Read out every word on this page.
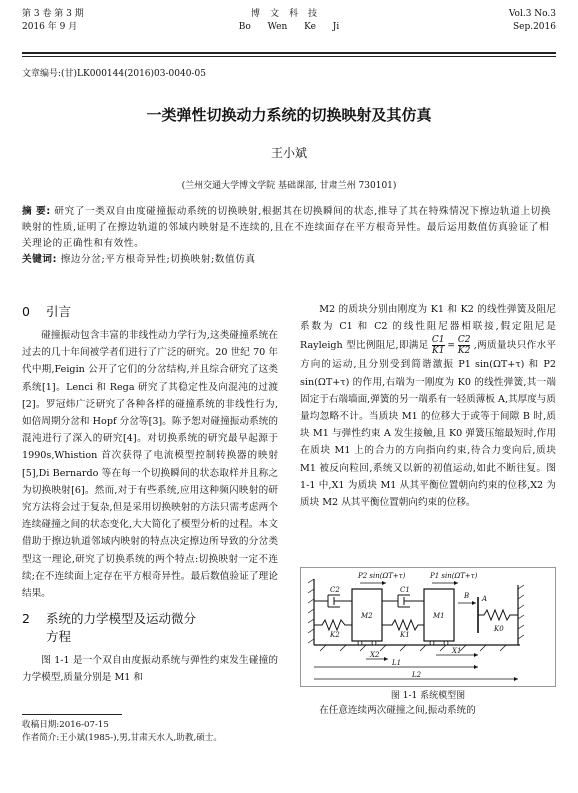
第 3 卷 第 3 期
2016 年 9 月
博文科技
Bo Wen Ke Ji
Vol.3 No.3
Sep.2016
文章编号:(甘)LK000144(2016)03-0040-05
一类弹性切换动力系统的切换映射及其仿真
王小斌
(兰州交通大学博文学院 基础课部, 甘肃兰州 730101)
摘 要: 研究了一类双自由度碰撞振动系统的切换映射,根据其在切换瞬间的状态,推导了其在特殊情况下擦边轨道上切换映射的性质,证明了在擦边轨道的邻域内映射是不连续的,且在不连续面存在平方根奇异性。最后运用数值仿真验证了相关理论的正确性和有效性。
关键词: 擦边分岔;平方根奇异性;切换映射;数值仿真
0 引言

碰撞振动包含丰富的非线性动力学行为,这类碰撞系统在过去的几十年间被学者们进行了广泛的研究。20 世纪 70 年代中期,Feigin 公开了它们的分岔结构,并且综合研究了这类系统[1]。Lenci 和 Rega 研究了其稳定性及向混沌的过渡[2]。罗冠炜广泛研究了各种各样的碰撞系统的非线性行为,如倍周期分岔和 Hopf 分岔等[3]。陈予恕对碰撞振动系统的混沌进行了深入的研究[4]。对切换系统的研究最早起源于 1990s,Whistion 首次获得了电流模型控制转换器的映射[5],Di Bernardo 等在每一个切换瞬间的状态取样并且称之为切换映射[6]。然而,对于有些系统,应用这种频闪映射的研究方法将会过于复杂,但是采用切换映射的方法只需考虑两个连续碰撞之间的状态变化,大大简化了模型分析的过程。本文借助于擦边轨道邻域内映射的特点决定擦边所导致的分岔类型这一理论,研究了切换系统的两个特点:切换映射一定不连续;在不连续面上定存在平方根奇异性。最后数值验证了理论结果。

2 系统的力学模型及运动微分
方程

图 1-1 是一个双自由度振动系统与弹性约束发生碰撞的力学模型,质量分别是 M1 和

M2 的质块分别由刚度为 K1 和 K2 的线性弹簧及阻尼系数为 C1 和 C2 的线性阻尼器相联接,假定阻尼是 Rayleigh 型比例阻尼,即满足 $\frac{C1}{K1} = \frac{C2}{K2}$ ,两质量块只作水平方向的运动,且分别受到简谐激振 P1 sin(ΩT+τ) 和 P2 sin(ΩT+τ) 的作用,右端为一刚度为 K0 的线性弹簧,其一端固定于右端墙面,弹簧的另一端系有一轻质薄板 A,其厚度与质量均忽略不计。当质块 M1 的位移大于或等于间隙 B 时,质块 M1 与弹性约束 A 发生接触,且 K0 弹簧压缩最短时,作用在质块 M1 上的合力的方向指向约束,待合力变向后,质块 M1 被反向粒回,系统又以新的初值运动,如此不断往复。图 1-1 中,X1 为质块 M1 从其平衡位置朝向约束的位移,X2 为质块 M2 从其平衡位置朝向约束的位移。

P2 sin(ΩT+τ)	P1 sin(ΩT+τ)
C2	C1
K2	K1
K0
M2	M1
A
B
X1
X2
L1
L2
图 1-1 系统模型图
在任意连续两次碰撞之间,振动系统的
收稿日期:2016-07-15
作者简介:王小斌(1985-),男,甘肃天水人,助教,硕士。
